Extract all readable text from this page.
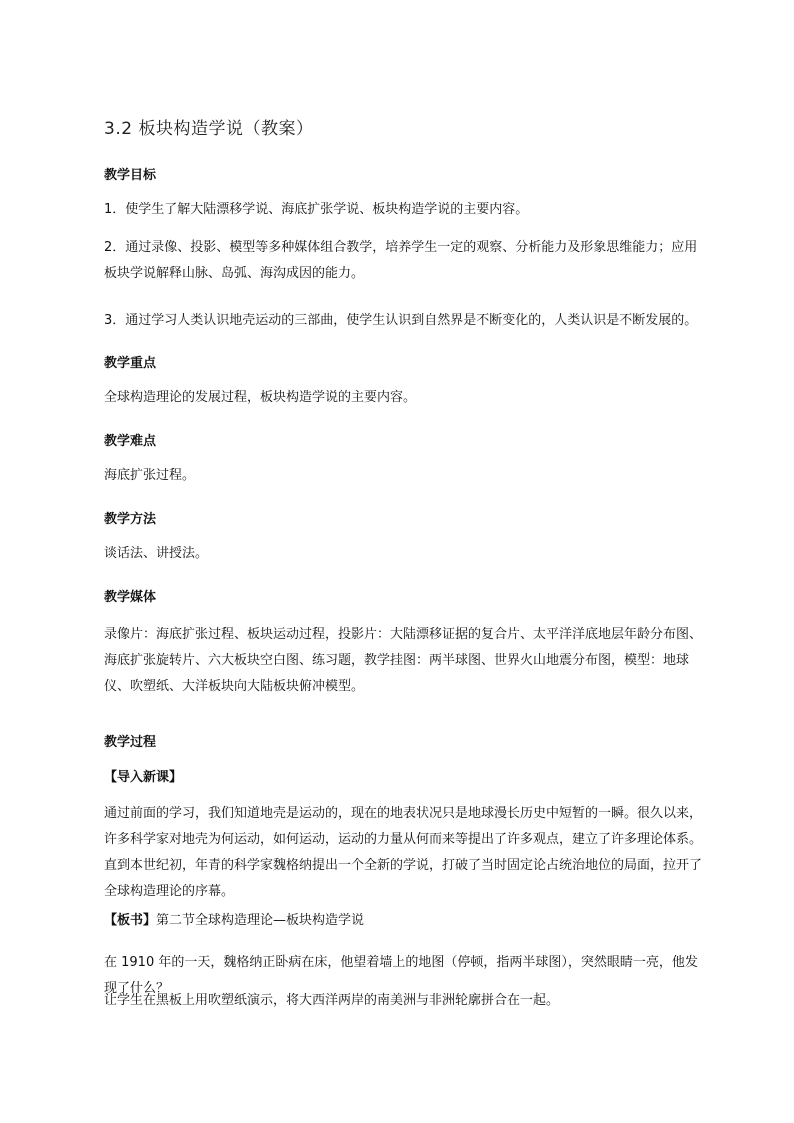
3.2 板块构造学说（教案）
教学目标
1．使学生了解大陆漂移学说、海底扩张学说、板块构造学说的主要内容。
2．通过录像、投影、模型等多种媒体组合教学，培养学生一定的观察、分析能力及形象思维能力；应用板块学说解释山脉、岛弧、海沟成因的能力。
3．通过学习人类认识地壳运动的三部曲，使学生认识到自然界是不断变化的，人类认识是不断发展的。
教学重点
全球构造理论的发展过程，板块构造学说的主要内容。
教学难点
海底扩张过程。
教学方法
谈话法、讲授法。
教学媒体
录像片：海底扩张过程、板块运动过程，投影片：大陆漂移证据的复合片、太平洋洋底地层年龄分布图、海底扩张旋转片、六大板块空白图、练习题，教学挂图：两半球图、世界火山地震分布图，模型：地球仪、吹塑纸、大洋板块向大陆板块俯冲模型。
教学过程
【导入新课】
通过前面的学习，我们知道地壳是运动的，现在的地表状况只是地球漫长历史中短暂的一瞬。很久以来，许多科学家对地壳为何运动，如何运动，运动的力量从何而来等提出了许多观点，建立了许多理论体系。直到本世纪初，年青的科学家魏格纳提出一个全新的学说，打破了当时固定论占统治地位的局面，拉开了全球构造理论的序幕。
【板书】第二节全球构造理论—板块构造学说
在 1910 年的一天，魏格纳正卧病在床，他望着墙上的地图（停顿，指两半球图），突然眼睛一亮，他发现了什么？
让学生在黑板上用吹塑纸演示，将大西洋两岸的南美洲与非洲轮廓拼合在一起。
